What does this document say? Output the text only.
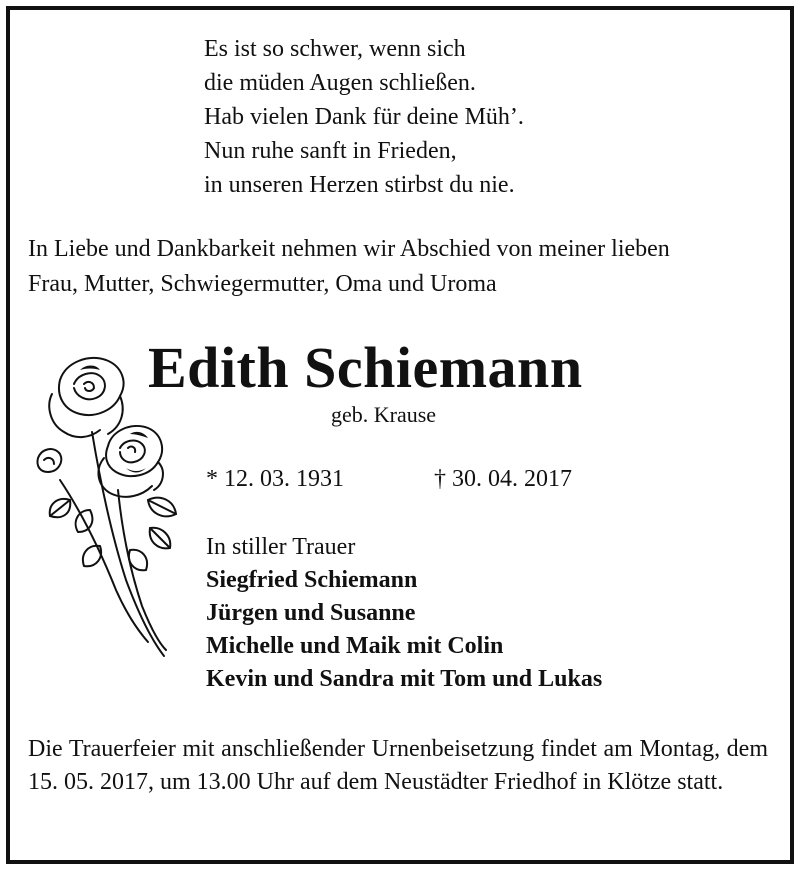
Es ist so schwer, wenn sich
die müden Augen schließen.
Hab vielen Dank für deine Müh’.
Nun ruhe sanft in Frieden,
in unseren Herzen stirbst du nie.
In Liebe und Dankbarkeit nehmen wir Abschied von meiner lieben
Frau, Mutter, Schwiegermutter, Oma und Uroma
Edith Schiemann
geb. Krause
* 12. 03. 1931	† 30. 04. 2017
In stiller Trauer
Siegfried Schiemann
Jürgen und Susanne
Michelle und Maik mit Colin
Kevin und Sandra mit Tom und Lukas
Die Trauerfeier mit anschließender Urnenbeisetzung findet am Montag, dem 15. 05. 2017, um 13.00 Uhr auf dem Neustädter Friedhof in Klötze statt.
